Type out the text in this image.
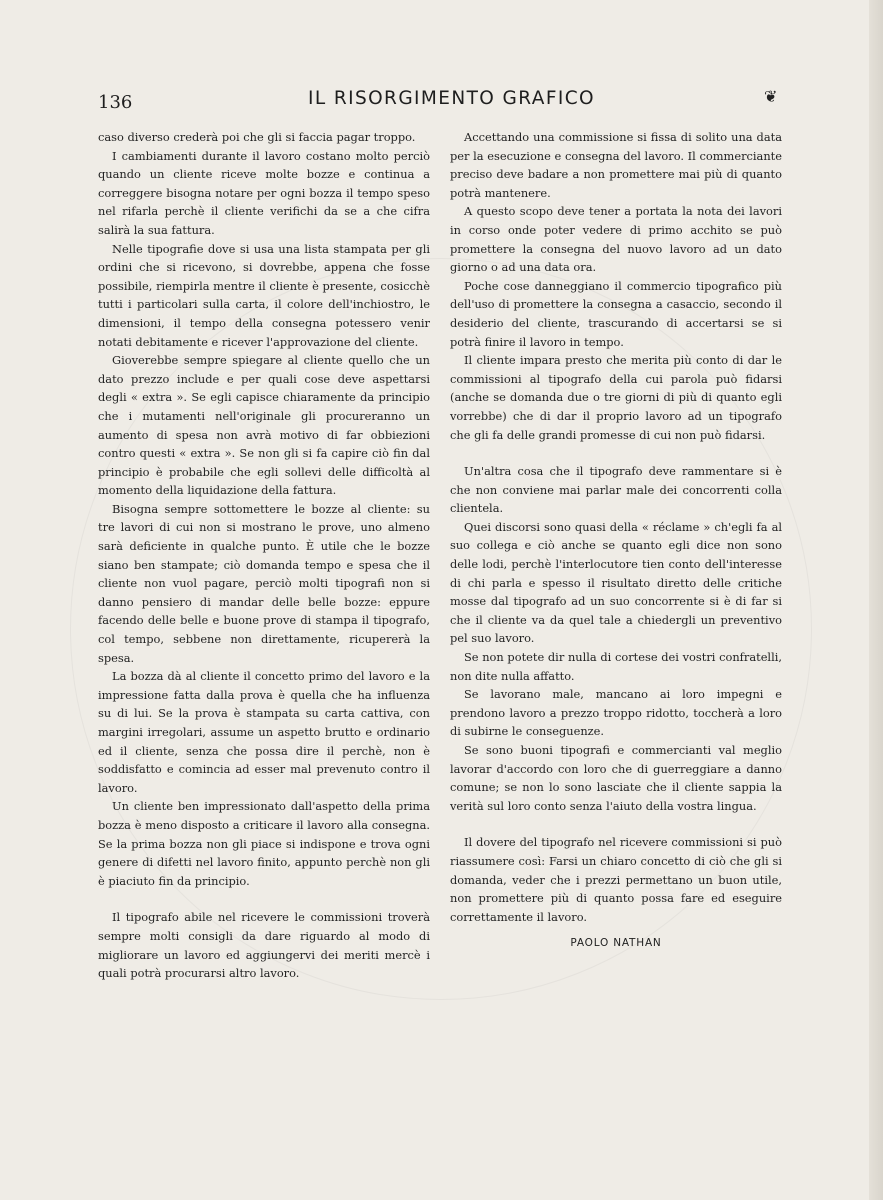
136	IL RISORGIMENTO GRAFICO	❦

caso diverso crederà poi che gli si faccia pagar troppo.

I cambiamenti durante il lavoro costano molto perciò quando un cliente riceve molte bozze e continua a correggere bisogna notare per ogni bozza il tempo speso nel rifarla perchè il cliente verifichi da se a che cifra salirà la sua fattura.

Nelle tipografie dove si usa una lista stampata per gli ordini che si ricevono, si dovrebbe, appena che fosse possibile, riempirla mentre il cliente è presente, cosicchè tutti i particolari sulla carta, il colore dell'inchiostro, le dimensioni, il tempo della consegna potessero venir notati debitamente e ricever l'approvazione del cliente.

Gioverebbe sempre spiegare al cliente quello che un dato prezzo include e per quali cose deve aspettarsi degli « extra ». Se egli capisce chiaramente da principio che i mutamenti nell'originale gli procureranno un aumento di spesa non avrà motivo di far obbiezioni contro questi « extra ». Se non gli si fa capire ciò fin dal principio è probabile che egli sollevi delle difficoltà al momento della liquidazione della fattura.

Bisogna sempre sottomettere le bozze al cliente: su tre lavori di cui non si mostrano le prove, uno almeno sarà deficiente in qualche punto. È utile che le bozze siano ben stampate; ciò domanda tempo e spesa che il cliente non vuol pagare, perciò molti tipografi non si danno pensiero di mandar delle belle bozze: eppure facendo delle belle e buone prove di stampa il tipografo, col tempo, sebbene non direttamente, ricupererà la spesa.

La bozza dà al cliente il concetto primo del lavoro e la impressione fatta dalla prova è quella che ha influenza su di lui. Se la prova è stampata su carta cattiva, con margini irregolari, assume un aspetto brutto e ordinario ed il cliente, senza che possa dire il perchè, non è soddisfatto e comincia ad esser mal prevenuto contro il lavoro.

Un cliente ben impressionato dall'aspetto della prima bozza è meno disposto a criticare il lavoro alla consegna. Se la prima bozza non gli piace si indispone e trova ogni genere di difetti nel lavoro finito, appunto perchè non gli è piaciuto fin da principio.

Il tipografo abile nel ricevere le commissioni troverà sempre molti consigli da dare riguardo al modo di migliorare un lavoro ed aggiungervi dei meriti mercè i quali potrà procurarsi altro lavoro.

Accettando una commissione si fissa di solito una data per la esecuzione e consegna del lavoro. Il commerciante preciso deve badare a non promettere mai più di quanto potrà mantenere.

A questo scopo deve tener a portata la nota dei lavori in corso onde poter vedere di primo acchito se può promettere la consegna del nuovo lavoro ad un dato giorno o ad una data ora.

Poche cose danneggiano il commercio tipografico più dell'uso di promettere la consegna a casaccio, secondo il desiderio del cliente, trascurando di accertarsi se si potrà finire il lavoro in tempo.

Il cliente impara presto che merita più conto di dar le commissioni al tipografo della cui parola può fidarsi (anche se domanda due o tre giorni di più di quanto egli vorrebbe) che di dar il proprio lavoro ad un tipografo che gli fa delle grandi promesse di cui non può fidarsi.

Un'altra cosa che il tipografo deve rammentare si è che non conviene mai parlar male dei concorrenti colla clientela.

Quei discorsi sono quasi della « réclame » ch'egli fa al suo collega e ciò anche se quanto egli dice non sono delle lodi, perchè l'interlocutore tien conto dell'interesse di chi parla e spesso il risultato diretto delle critiche mosse dal tipografo ad un suo concorrente si è di far si che il cliente va da quel tale a chiedergli un preventivo pel suo lavoro.

Se non potete dir nulla di cortese dei vostri confratelli, non dite nulla affatto.

Se lavorano male, mancano ai loro impegni e prendono lavoro a prezzo troppo ridotto, toccherà a loro di subirne le conseguenze.

Se sono buoni tipografi e commercianti val meglio lavorar d'accordo con loro che di guerreggiare a danno comune; se non lo sono lasciate che il cliente sappia la verità sul loro conto senza l'aiuto della vostra lingua.

Il dovere del tipografo nel ricevere commissioni si può riassumere così: Farsi un chiaro concetto di ciò che gli si domanda, veder che i prezzi permettano un buon utile, non promettere più di quanto possa fare ed eseguire correttamente il lavoro.

PAOLO NATHAN
